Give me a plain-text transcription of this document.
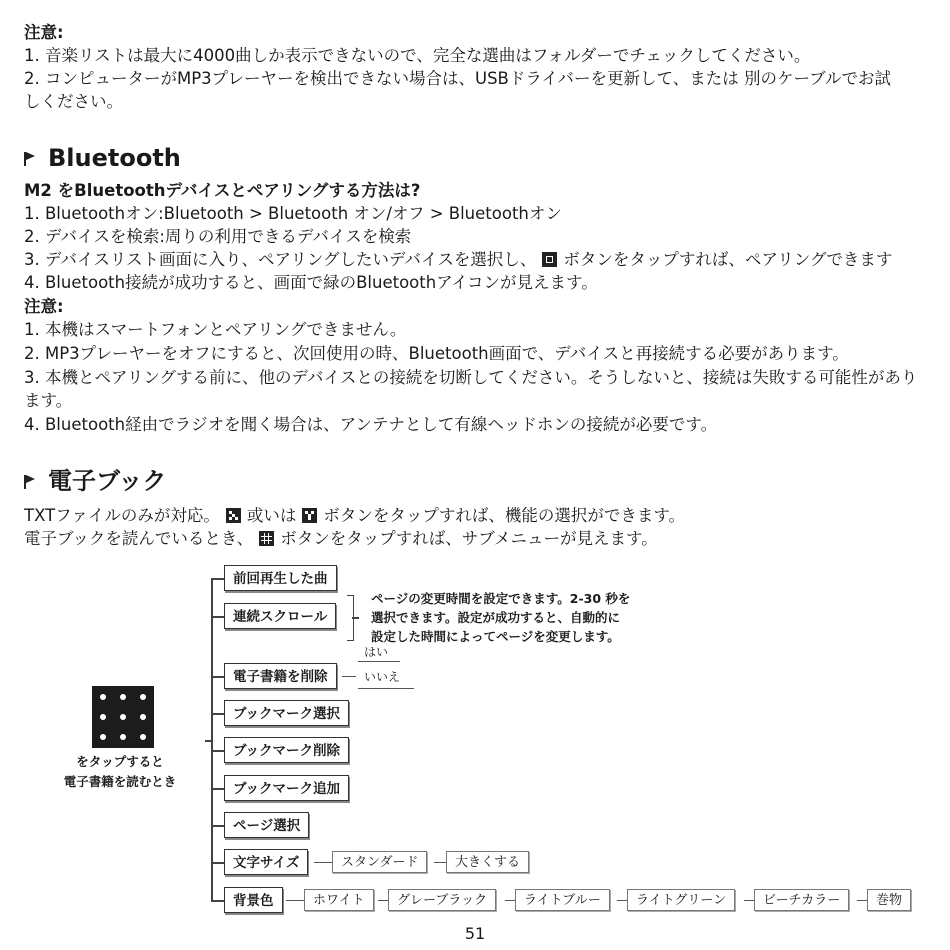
注意:
1. 音楽リストは最大に4000曲しか表示できないので、完全な選曲はフォルダーでチェックしてください。
2. コンピューターがMP3プレーヤーを検出できない場合は、USBドライバーを更新して、または 別のケーブルでお試
しください。
Bluetooth
M2 をBluetoothデバイスとペアリングする方法は?
1. Bluetoothオン:Bluetooth > Bluetooth オン/オフ > Bluetoothオン
2. デバイスを検索:周りの利用できるデバイスを検索
3. デバイスリスト画面に入り、ペアリングしたいデバイスを選択し、 ボタンをタップすれば、ペアリングできます
4. Bluetooth接続が成功すると、画面で緑のBluetoothアイコンが見えます。
注意:
1. 本機はスマートフォンとペアリングできません。
2. MP3プレーヤーをオフにすると、次回使用の時、Bluetooth画面で、デバイスと再接続する必要があります。
3. 本機とペアリングする前に、他のデバイスとの接続を切断してください。そうしないと、接続は失敗する可能性があり
ます。
4. Bluetooth経由でラジオを聞く場合は、アンテナとして有線ヘッドホンの接続が必要です。
電子ブック
TXTファイルのみが対応。 或いは ボタンをタップすれば、機能の選択ができます。
電子ブックを読んでいるとき、 ボタンをタップすれば、サブメニューが見えます。
をタップすると
電子書籍を読むとき
前回再生した曲
連続スクロール
ページの変更時間を設定できます。2-30 秒を
選択できます。設定が成功すると、自動的に
設定した時間によってページを変更します。
電子書籍を削除
はい
いいえ
ブックマーク選択
ブックマーク削除
ブックマーク追加
ページ選択
文字サイズ	スタンダード	大きくする
背景色	ホワイト	グレーブラック	ライトブルー	ライトグリーン	ビーチカラー	巻物
51
